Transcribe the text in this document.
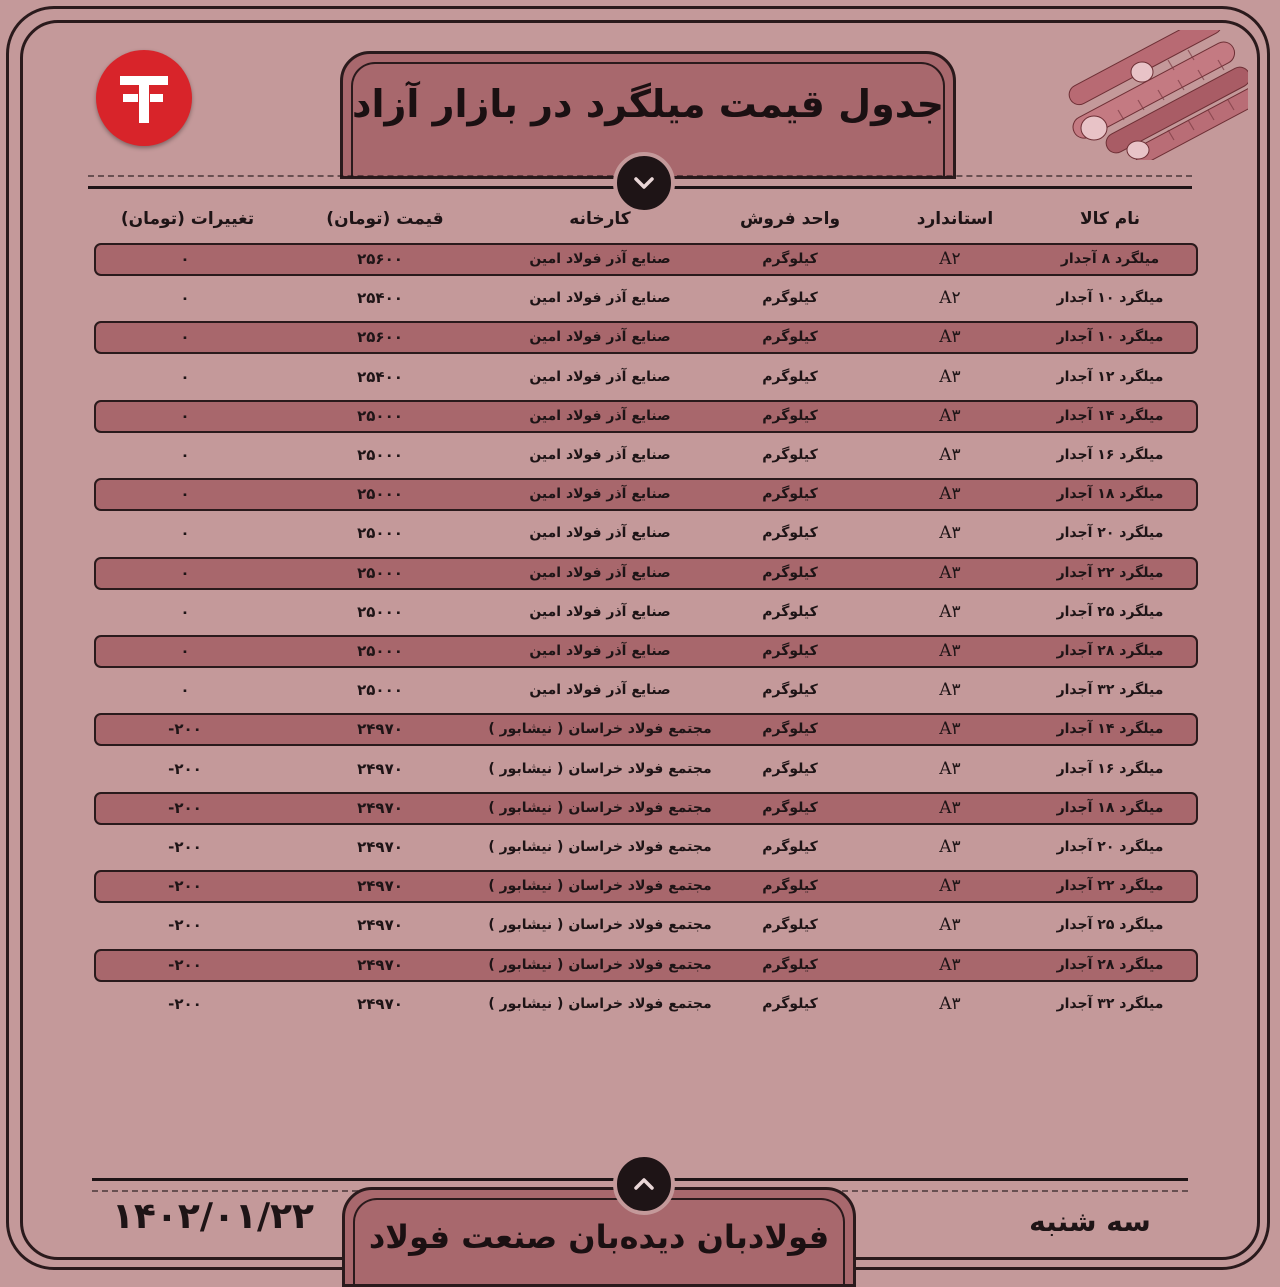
جدول قیمت میلگرد در بازار آزاد
نام کالا
استاندارد
واحد فروش
کارخانه
قیمت (تومان)
تغییرات (تومان)
میلگرد ۸ آجدار
A۲
کیلوگرم
صنایع آذر فولاد امین
۲۵۶۰۰
۰
میلگرد ۱۰ آجدار
A۲
کیلوگرم
صنایع آذر فولاد امین
۲۵۴۰۰
۰
میلگرد ۱۰ آجدار
A۳
کیلوگرم
صنایع آذر فولاد امین
۲۵۶۰۰
۰
میلگرد ۱۲ آجدار
A۳
کیلوگرم
صنایع آذر فولاد امین
۲۵۴۰۰
۰
میلگرد ۱۴ آجدار
A۳
کیلوگرم
صنایع آذر فولاد امین
۲۵۰۰۰
۰
میلگرد ۱۶ آجدار
A۳
کیلوگرم
صنایع آذر فولاد امین
۲۵۰۰۰
۰
میلگرد ۱۸ آجدار
A۳
کیلوگرم
صنایع آذر فولاد امین
۲۵۰۰۰
۰
میلگرد ۲۰ آجدار
A۳
کیلوگرم
صنایع آذر فولاد امین
۲۵۰۰۰
۰
میلگرد ۲۲ آجدار
A۳
کیلوگرم
صنایع آذر فولاد امین
۲۵۰۰۰
۰
میلگرد ۲۵ آجدار
A۳
کیلوگرم
صنایع آذر فولاد امین
۲۵۰۰۰
۰
میلگرد ۲۸ آجدار
A۳
کیلوگرم
صنایع آذر فولاد امین
۲۵۰۰۰
۰
میلگرد ۳۲ آجدار
A۳
کیلوگرم
صنایع آذر فولاد امین
۲۵۰۰۰
۰
میلگرد ۱۴ آجدار
A۳
کیلوگرم
مجتمع فولاد خراسان ( نیشابور )
۲۴۹۷۰
-۲۰۰
میلگرد ۱۶ آجدار
A۳
کیلوگرم
مجتمع فولاد خراسان ( نیشابور )
۲۴۹۷۰
-۲۰۰
میلگرد ۱۸ آجدار
A۳
کیلوگرم
مجتمع فولاد خراسان ( نیشابور )
۲۴۹۷۰
-۲۰۰
میلگرد ۲۰ آجدار
A۳
کیلوگرم
مجتمع فولاد خراسان ( نیشابور )
۲۴۹۷۰
-۲۰۰
میلگرد ۲۲ آجدار
A۳
کیلوگرم
مجتمع فولاد خراسان ( نیشابور )
۲۴۹۷۰
-۲۰۰
میلگرد ۲۵ آجدار
A۳
کیلوگرم
مجتمع فولاد خراسان ( نیشابور )
۲۴۹۷۰
-۲۰۰
میلگرد ۲۸ آجدار
A۳
کیلوگرم
مجتمع فولاد خراسان ( نیشابور )
۲۴۹۷۰
-۲۰۰
میلگرد ۳۲ آجدار
A۳
کیلوگرم
مجتمع فولاد خراسان ( نیشابور )
۲۴۹۷۰
-۲۰۰
فولادبان دیده‌بان صنعت فولاد	سه شنبه
۱۴۰۲/۰۱/۲۲
